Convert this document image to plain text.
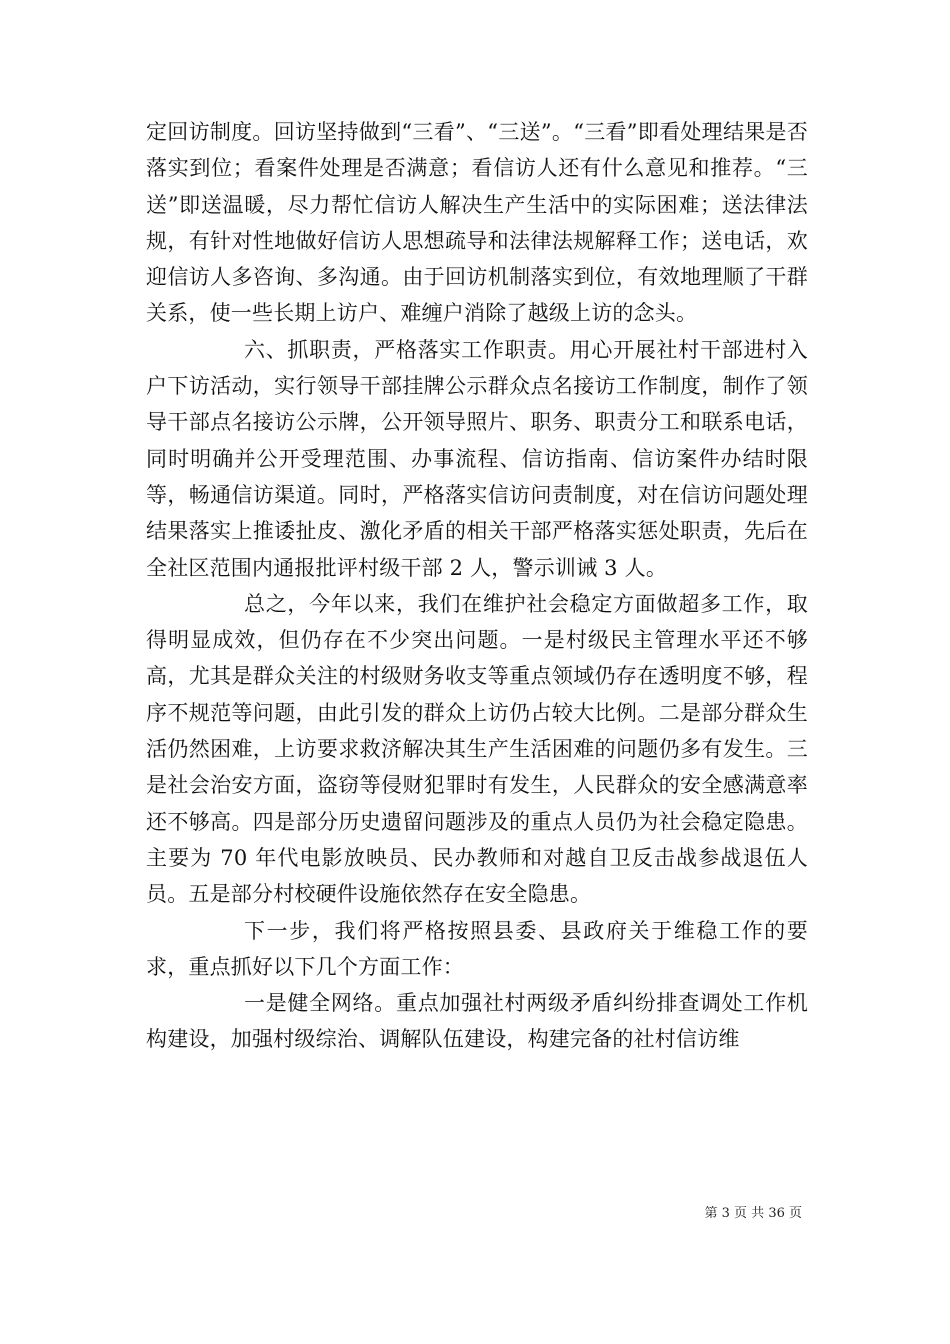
定回访制度。回访坚持做到“三看”、“三送”。“三看”即看处理结果是否落实到位；看案件处理是否满意；看信访人还有什么意见和推荐。“三送”即送温暖，尽力帮忙信访人解决生产生活中的实际困难；送法律法规，有针对性地做好信访人思想疏导和法律法规解释工作；送电话，欢迎信访人多咨询、多沟通。由于回访机制落实到位，有效地理顺了干群关系，使一些长期上访户、难缠户消除了越级上访的念头。

六、抓职责，严格落实工作职责。用心开展社村干部进村入户下访活动，实行领导干部挂牌公示群众点名接访工作制度，制作了领导干部点名接访公示牌，公开领导照片、职务、职责分工和联系电话，同时明确并公开受理范围、办事流程、信访指南、信访案件办结时限等，畅通信访渠道。同时，严格落实信访问责制度，对在信访问题处理结果落实上推诿扯皮、激化矛盾的相关干部严格落实惩处职责，先后在全社区范围内通报批评村级干部 2 人，警示训诫 3 人。

总之，今年以来，我们在维护社会稳定方面做超多工作，取得明显成效，但仍存在不少突出问题。一是村级民主管理水平还不够高，尤其是群众关注的村级财务收支等重点领域仍存在透明度不够，程序不规范等问题，由此引发的群众上访仍占较大比例。二是部分群众生活仍然困难，上访要求救济解决其生产生活困难的问题仍多有发生。三是社会治安方面，盗窃等侵财犯罪时有发生，人民群众的安全感满意率还不够高。四是部分历史遗留问题涉及的重点人员仍为社会稳定隐患。主要为 70 年代电影放映员、民办教师和对越自卫反击战参战退伍人员。五是部分村校硬件设施依然存在安全隐患。

下一步，我们将严格按照县委、县政府关于维稳工作的要求，重点抓好以下几个方面工作：

一是健全网络。重点加强社村两级矛盾纠纷排查调处工作机构建设，加强村级综治、调解队伍建设，构建完备的社村信访维

第 3 页 共 36 页
